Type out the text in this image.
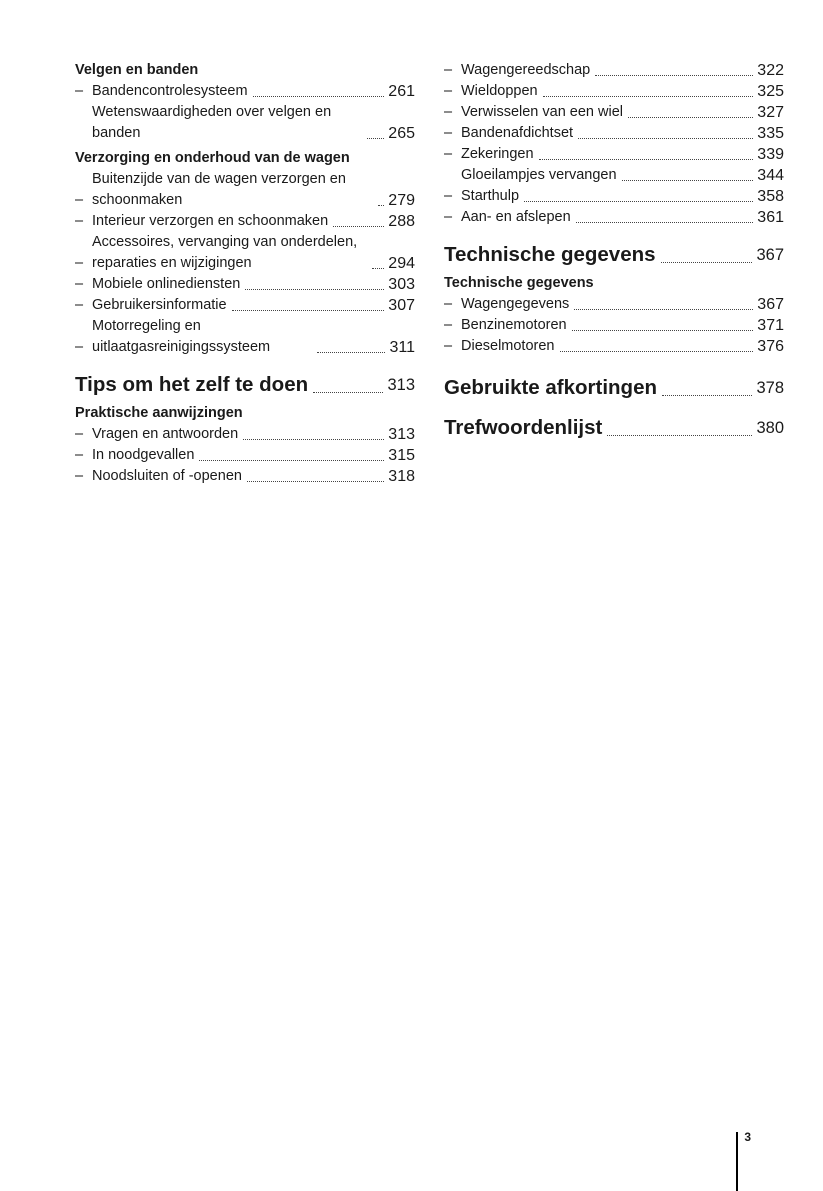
Velgen en banden
– Bandencontrolesysteem	261
Wetenswaardigheden over velgen en banden	265
Verzorging en onderhoud van de wagen
–
Buitenzijde van de wagen verzorgen en schoonmaken	279
– Interieur verzorgen en schoonmaken	288
–
Accessoires, vervanging van onderdelen, reparaties en wijzigingen	294
– Mobiele onlinediensten	303
– Gebruikersinformatie	307
–
Motorregeling en uitlaatgasreinigingssysteem	311
Tips om het zelf te doen	313
Praktische aanwijzingen
– Vragen en antwoorden	313
– In noodgevallen	315
– Noodsluiten of -openen	318
– Wagengereedschap	322
– Wieldoppen	325
– Verwisselen van een wiel	327
– Bandenafdichtset	335
– Zekeringen	339
Gloeilampjes vervangen	344
– Starthulp	358
– Aan- en afslepen	361
Technische gegevens	367
Technische gegevens
– Wagengegevens	367
– Benzinemotoren	371
– Dieselmotoren	376
Gebruikte afkortingen	378
Trefwoordenlijst	380
3
